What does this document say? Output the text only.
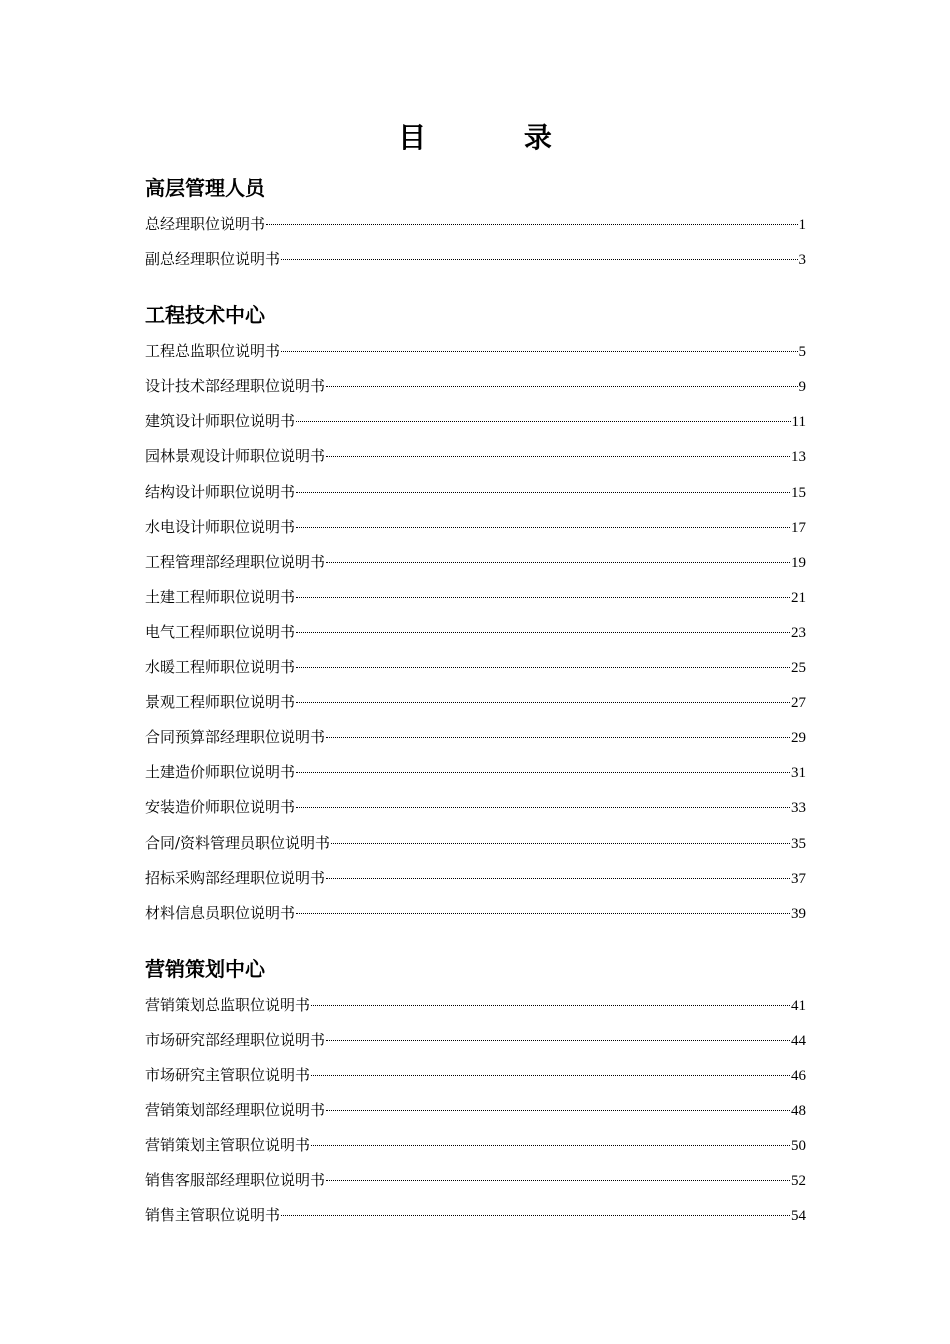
目 录
高层管理人员
总经理职位说明书	1
副总经理职位说明书	3
工程技术中心
工程总监职位说明书	5
设计技术部经理职位说明书	9
建筑设计师职位说明书	11
园林景观设计师职位说明书	13
结构设计师职位说明书	15
水电设计师职位说明书	17
工程管理部经理职位说明书	19
土建工程师职位说明书	21
电气工程师职位说明书	23
水暖工程师职位说明书	25
景观工程师职位说明书	27
合同预算部经理职位说明书	29
土建造价师职位说明书	31
安装造价师职位说明书	33
合同/资料管理员职位说明书	35
招标采购部经理职位说明书	37
材料信息员职位说明书	39
营销策划中心
营销策划总监职位说明书	41
市场研究部经理职位说明书	44
市场研究主管职位说明书	46
营销策划部经理职位说明书	48
营销策划主管职位说明书	50
销售客服部经理职位说明书	52
销售主管职位说明书	54
